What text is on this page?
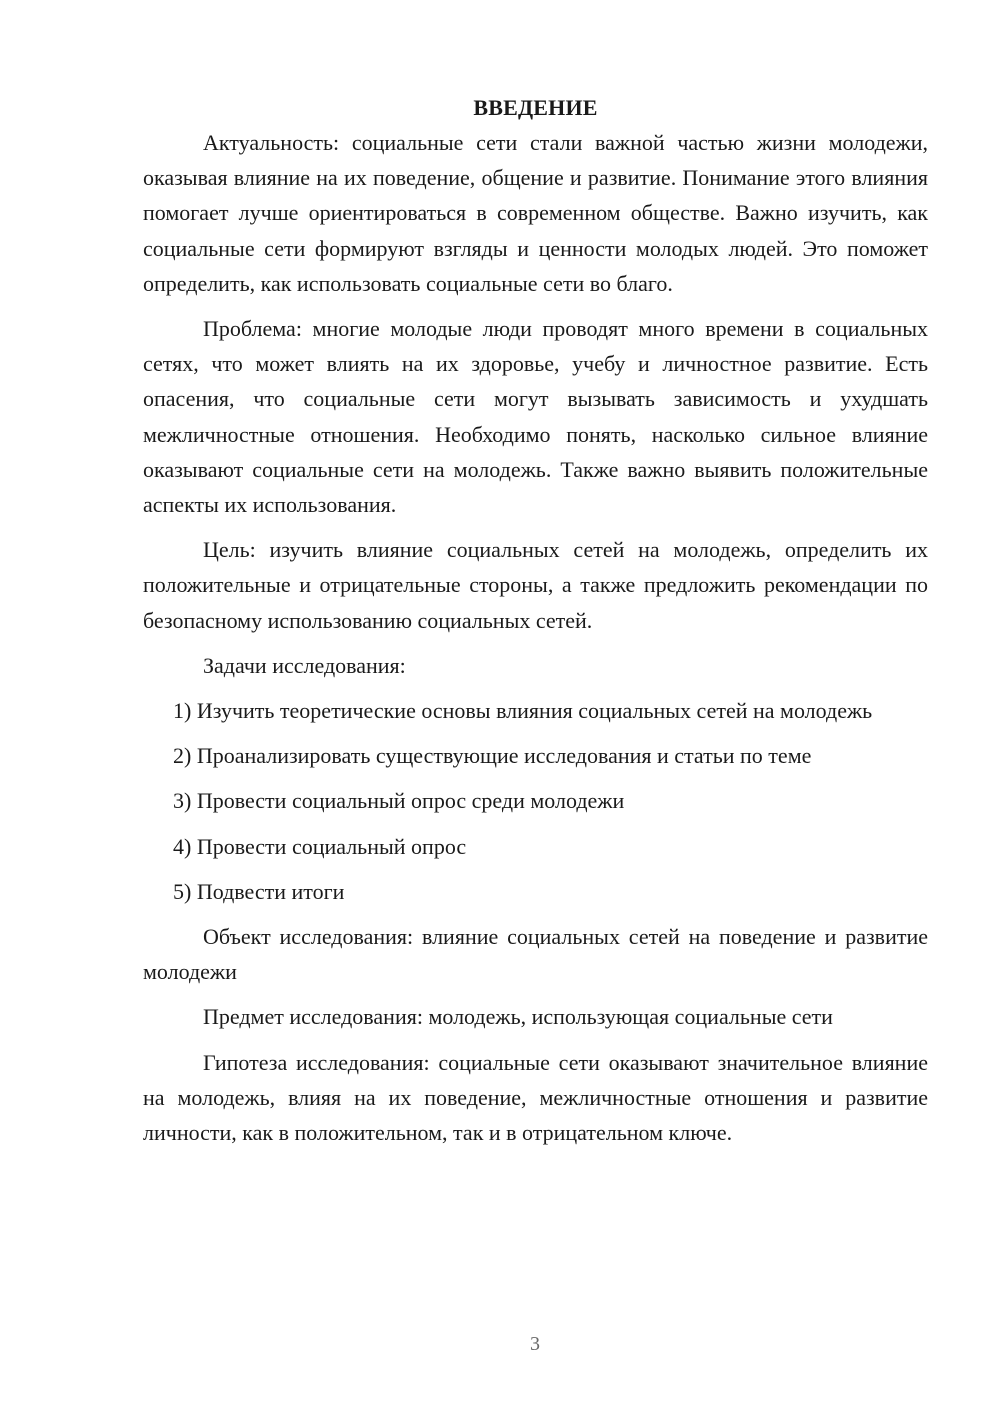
ВВЕДЕНИЕ

Актуальность: социальные сети стали важной частью жизни молодежи, оказывая влияние на их поведение, общение и развитие. Понимание этого влияния помогает лучше ориентироваться в современном обществе. Важно изучить, как социальные сети формируют взгляды и ценности молодых людей. Это поможет определить, как использовать социальные сети во благо.

Проблема: многие молодые люди проводят много времени в социальных сетях, что может влиять на их здоровье, учебу и личностное развитие. Есть опасения, что социальные сети могут вызывать зависимость и ухудшать межличностные отношения. Необходимо понять, насколько сильное влияние оказывают социальные сети на молодежь. Также важно выявить положительные аспекты их использования.

Цель: изучить влияние социальных сетей на молодежь, определить их положительные и отрицательные стороны, а также предложить рекомендации по безопасному использованию социальных сетей.

Задачи исследования:

1) Изучить теоретические основы влияния социальных сетей на молодежь

2) Проанализировать существующие исследования и статьи по теме

3) Провести социальный опрос среди молодежи

4) Провести социальный опрос

5) Подвести итоги

Объект исследования: влияние социальных сетей на поведение и развитие молодежи

Предмет исследования: молодежь, использующая социальные сети

Гипотеза исследования: социальные сети оказывают значительное влияние на молодежь, влияя на их поведение, межличностные отношения и развитие личности, как в положительном, так и в отрицательном ключе.

3
